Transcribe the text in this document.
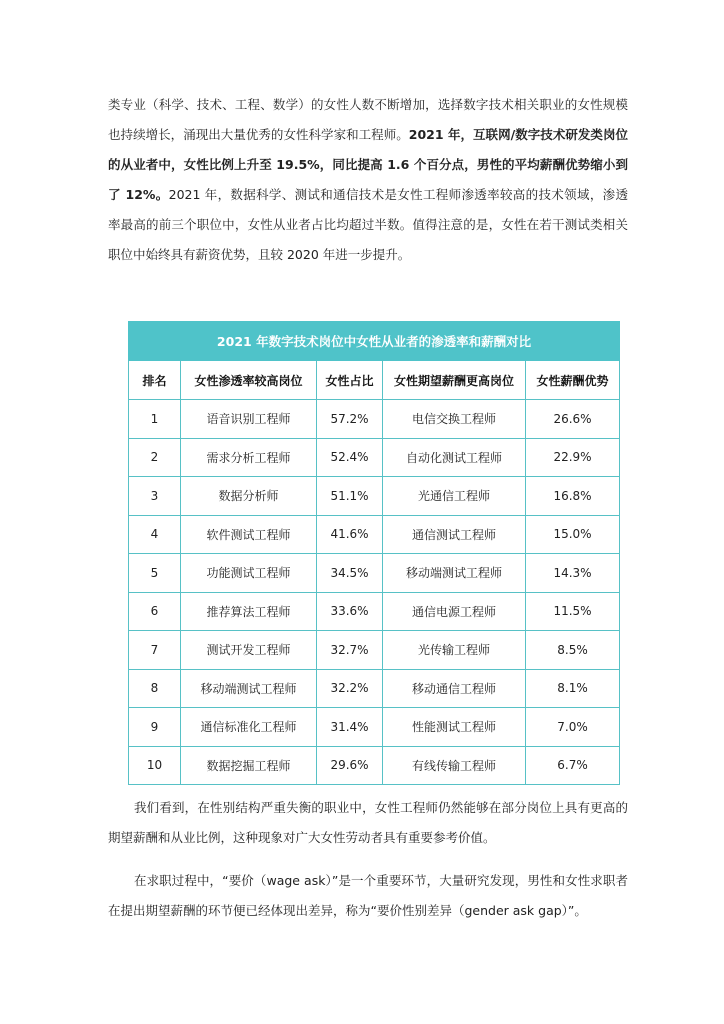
类专业（科学、技术、工程、数学）的女性人数不断增加，选择数字技术相关职业的女性规模也持续增长，涌现出大量优秀的女性科学家和工程师。2021 年，互联网/数字技术研发类岗位的从业者中，女性比例上升至 19.5%，同比提高 1.6 个百分点，男性的平均薪酬优势缩小到了 12%。2021 年，数据科学、测试和通信技术是女性工程师渗透率较高的技术领域，渗透率最高的前三个职位中，女性从业者占比均超过半数。值得注意的是，女性在若干测试类相关职位中始终具有薪资优势，且较 2020 年进一步提升。

2021 年数字技术岗位中女性从业者的渗透率和薪酬对比				
排名	女性渗透率较高岗位	女性占比	女性期望薪酬更高岗位	女性薪酬优势
1	语音识别工程师	57.2%	电信交换工程师	26.6%
2	需求分析工程师	52.4%	自动化测试工程师	22.9%
3	数据分析师	51.1%	光通信工程师	16.8%
4	软件测试工程师	41.6%	通信测试工程师	15.0%
5	功能测试工程师	34.5%	移动端测试工程师	14.3%
6	推荐算法工程师	33.6%	通信电源工程师	11.5%
7	测试开发工程师	32.7%	光传输工程师	8.5%
8	移动端测试工程师	32.2%	移动通信工程师	8.1%
9	通信标准化工程师	31.4%	性能测试工程师	7.0%
10	数据挖掘工程师	29.6%	有线传输工程师	6.7%

我们看到，在性别结构严重失衡的职业中，女性工程师仍然能够在部分岗位上具有更高的期望薪酬和从业比例，这种现象对广大女性劳动者具有重要参考价值。

在求职过程中，“要价（wage ask）”是一个重要环节，大量研究发现，男性和女性求职者在提出期望薪酬的环节便已经体现出差异，称为“要价性别差异（gender ask gap）”。
